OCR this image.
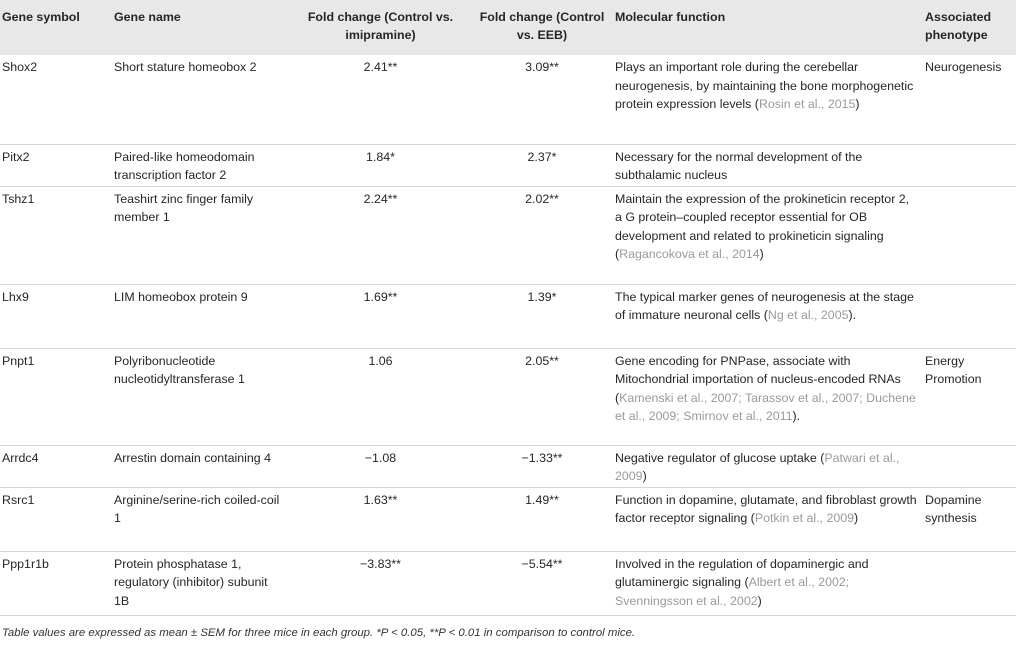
Gene symbol	Gene name	Fold change (Control vs. imipramine)	Fold change (Control vs. EEB)	Molecular function	Associated phenotype
Shox2	Short stature homeobox 2	2.41**	3.09**	Plays an important role during the cerebellar neurogenesis, by maintaining the bone morphogenetic protein expression levels (Rosin et al., 2015)	Neurogenesis
Pitx2	Paired-like homeodomain transcription factor 2	1.84*	2.37*	Necessary for the normal development of the subthalamic nucleus	
Tshz1	Teashirt zinc finger family member 1	2.24**	2.02**	Maintain the expression of the prokineticin receptor 2, a G protein–coupled receptor essential for OB development and related to prokineticin signaling (Ragancokova et al., 2014)	
Lhx9	LIM homeobox protein 9	1.69**	1.39*	The typical marker genes of neurogenesis at the stage of immature neuronal cells (Ng et al., 2005).	
Pnpt1	Polyribonucleotide nucleotidyltransferase 1	1.06	2.05**	Gene encoding for PNPase, associate with Mitochondrial importation of nucleus-encoded RNAs (Kamenski et al., 2007; Tarassov et al., 2007; Duchene et al., 2009; Smirnov et al., 2011).	Energy Promotion
Arrdc4	Arrestin domain containing 4	−1.08	−1.33**	Negative regulator of glucose uptake (Patwari et al., 2009)	
Rsrc1	Arginine/serine-rich coiled-coil 1	1.63**	1.49**	Function in dopamine, glutamate, and fibroblast growth factor receptor signaling (Potkin et al., 2009)	Dopamine synthesis
Ppp1r1b	Protein phosphatase 1, regulatory (inhibitor) subunit 1B	−3.83**	−5.54**	Involved in the regulation of dopaminergic and glutaminergic signaling (Albert et al., 2002; Svenningsson et al., 2002)	
Table values are expressed as mean ± SEM for three mice in each group. *P < 0.05, **P < 0.01 in comparison to control mice.
